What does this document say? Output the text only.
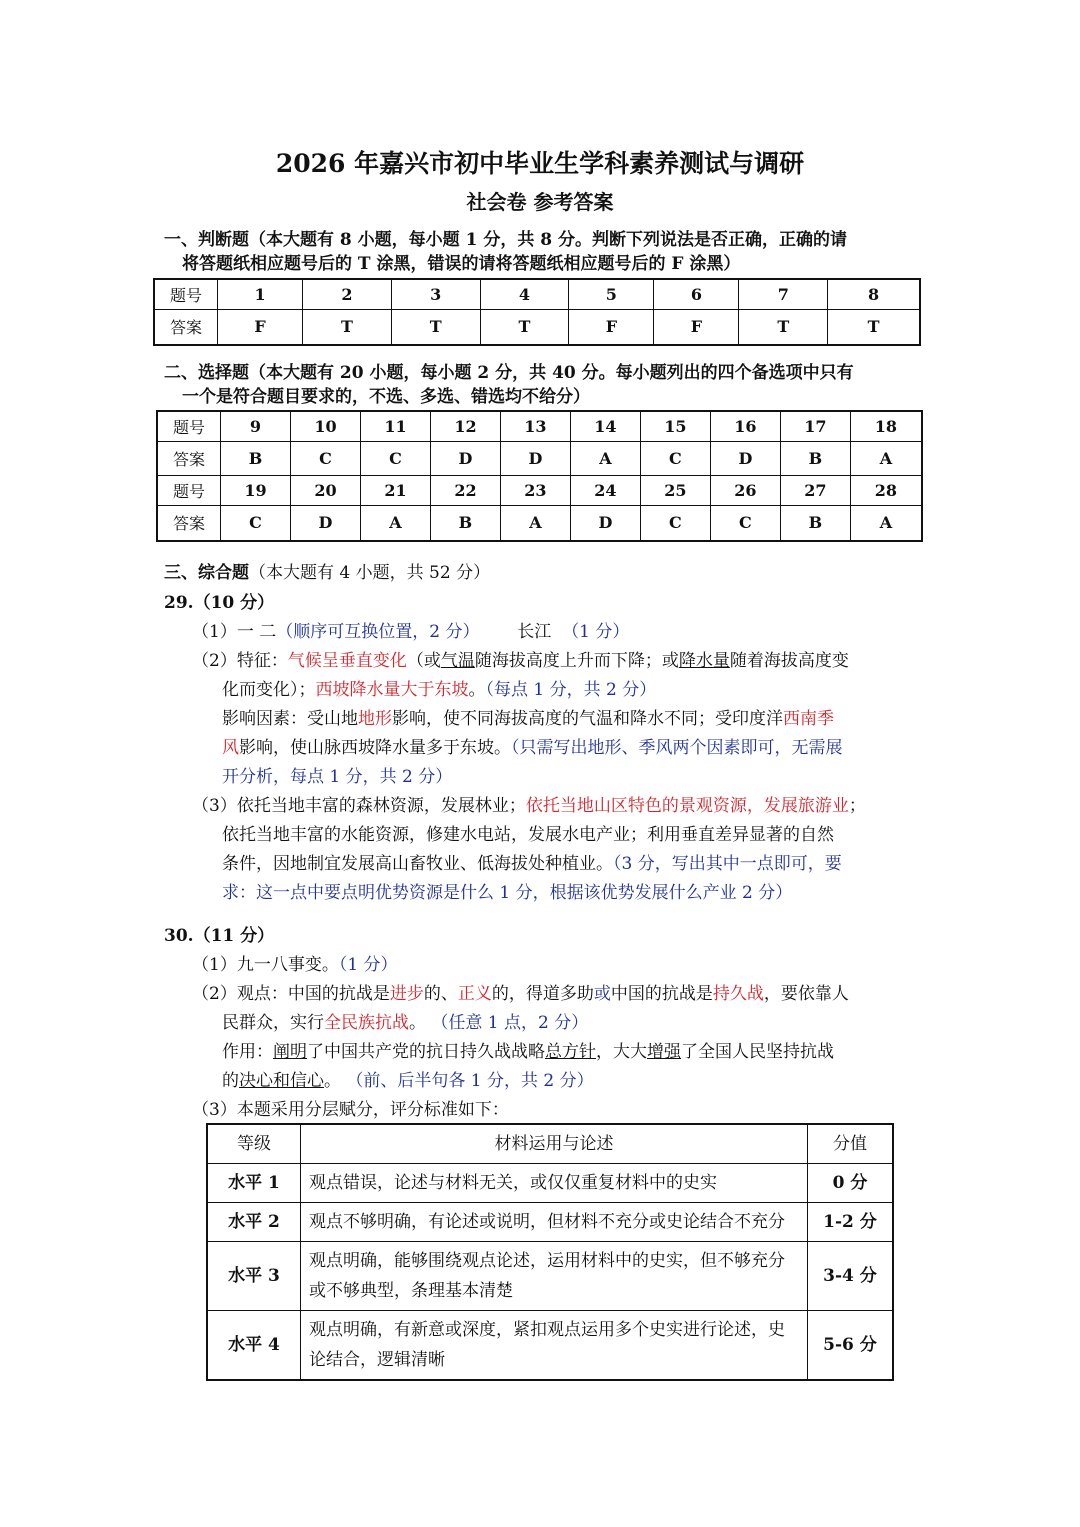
2026 年嘉兴市初中毕业生学科素养测试与调研
社会卷 参考答案
一、判断题（本大题有 8 小题，每小题 1 分，共 8 分。判断下列说法是否正确，正确的请
将答题纸相应题号后的 T 涂黑，错误的请将答题纸相应题号后的 F 涂黑）
题号	1	2	3	4	5	6	7	8
答案	F	T	T	T	F	F	T	T
二、选择题（本大题有 20 小题，每小题 2 分，共 40 分。每小题列出的四个备选项中只有
一个是符合题目要求的，不选、多选、错选均不给分）
题号	9	10	11	12	13	14	15	16	17	18
答案	B	C	C	D	D	A	C	D	B	A
题号	19	20	21	22	23	24	25	26	27	28
答案	C	D	A	B	A	D	C	C	B	A
三、综合题（本大题有 4 小题，共 52 分）
29.（10 分）
（1）一 二（顺序可互换位置，2 分） 长江 （1 分）
（2）特征：气候呈垂直变化（或气温随海拔高度上升而下降；或降水量随着海拔高度变
化而变化）；西坡降水量大于东坡。（每点 1 分，共 2 分）
影响因素：受山地地形影响，使不同海拔高度的气温和降水不同；受印度洋西南季
风影响，使山脉西坡降水量多于东坡。（只需写出地形、季风两个因素即可，无需展
开分析，每点 1 分，共 2 分）
（3）依托当地丰富的森林资源，发展林业；依托当地山区特色的景观资源，发展旅游业；
依托当地丰富的水能资源，修建水电站，发展水电产业；利用垂直差异显著的自然
条件，因地制宜发展高山畜牧业、低海拔处种植业。（3 分，写出其中一点即可，要
求：这一点中要点明优势资源是什么 1 分，根据该优势发展什么产业 2 分）
30.（11 分）
（1）九一八事变。（1 分）
（2）观点：中国的抗战是进步的、正义的，得道多助或中国的抗战是持久战，要依靠人
民群众，实行全民族抗战。 （任意 1 点，2 分）
作用：阐明了中国共产党的抗日持久战战略总方针，大大增强了全国人民坚持抗战
的决心和信心。 （前、后半句各 1 分，共 2 分）
（3）本题采用分层赋分，评分标准如下：
等级	材料运用与论述	分值
水平 1	观点错误，论述与材料无关，或仅仅重复材料中的史实	0 分
水平 2	观点不够明确，有论述或说明，但材料不充分或史论结合不充分	1-2 分
水平 3	观点明确，能够围绕观点论述，运用材料中的史实，但不够充分或不够典型，条理基本清楚	3-4 分
水平 4	观点明确，有新意或深度，紧扣观点运用多个史实进行论述，史论结合，逻辑清晰	5-6 分
